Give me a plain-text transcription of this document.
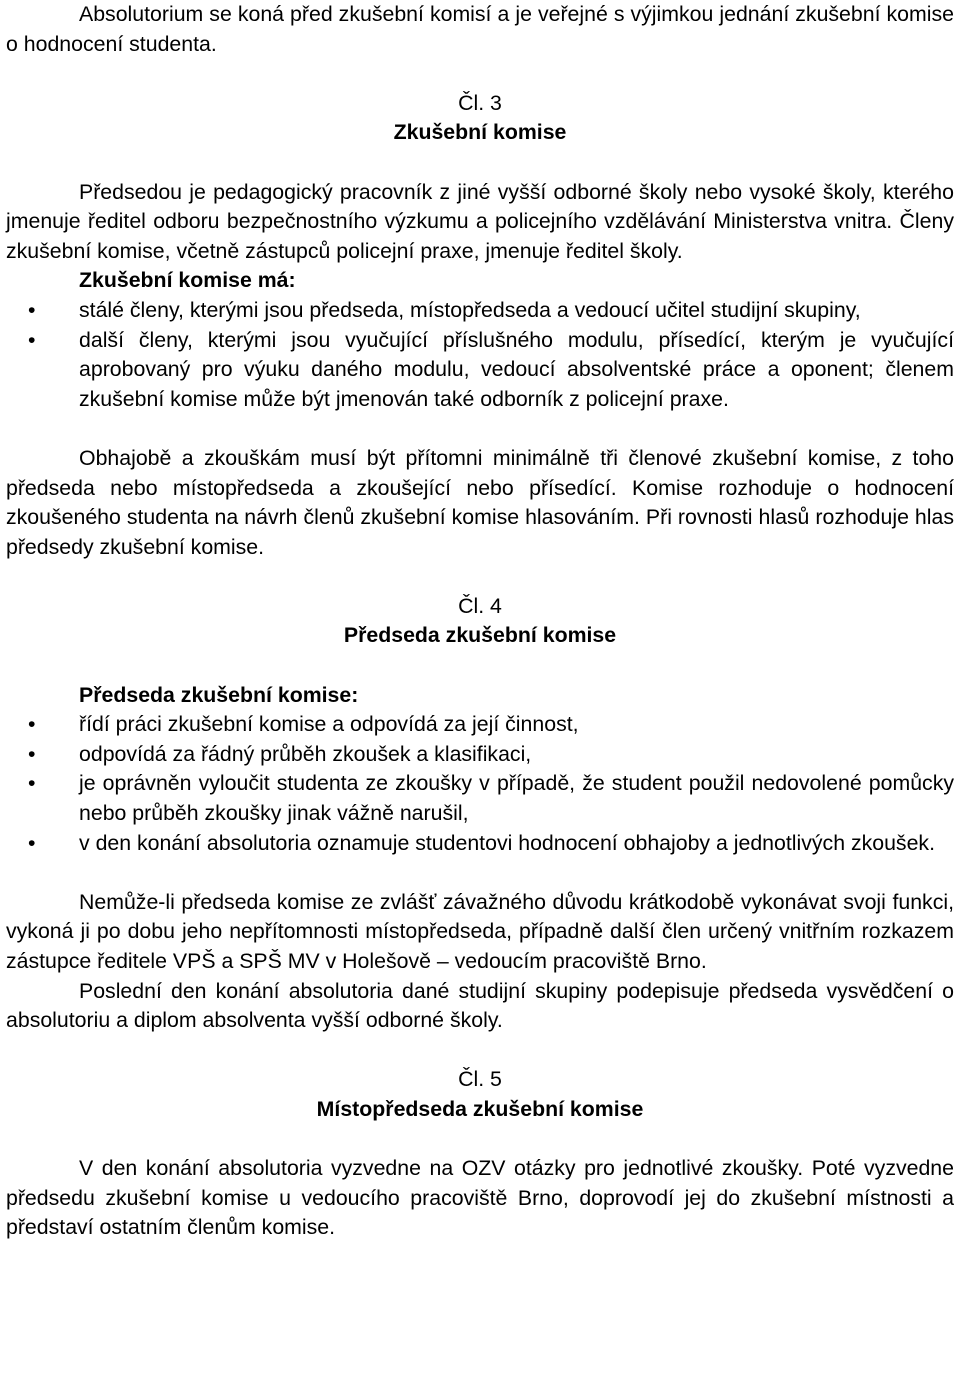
Absolutorium se koná před zkušební komisí a je veřejné s výjimkou jednání zkušební komise o hodnocení studenta.

Čl. 3

Zkušební komise

Předsedou je pedagogický pracovník z jiné vyšší odborné školy nebo vysoké školy, kterého jmenuje ředitel odboru bezpečnostního výzkumu a policejního vzdělávání Ministerstva vnitra. Členy zkušební komise, včetně zástupců policejní praxe, jmenuje ředitel školy.

Zkušební komise má:

• stálé členy, kterými jsou předseda, místopředseda a vedoucí učitel studijní skupiny,
• další členy, kterými jsou vyučující příslušného modulu, přísedící, kterým je vyučující aprobovaný pro výuku daného modulu, vedoucí absolventské práce a oponent; členem zkušební komise může být jmenován také odborník z policejní praxe.

Obhajobě a zkouškám musí být přítomni minimálně tři členové zkušební komise, z toho předseda nebo místopředseda a zkoušející nebo přísedící. Komise rozhoduje o hodnocení zkoušeného studenta na návrh členů zkušební komise hlasováním. Při rovnosti hlasů rozhoduje hlas předsedy zkušební komise.

Čl. 4

Předseda zkušební komise

Předseda zkušební komise:

• řídí práci zkušební komise a odpovídá za její činnost,
• odpovídá za řádný průběh zkoušek a klasifikaci,
• je oprávněn vyloučit studenta ze zkoušky v případě, že student použil nedovolené pomůcky nebo průběh zkoušky jinak vážně narušil,
• v den konání absolutoria oznamuje studentovi hodnocení obhajoby a jednotlivých zkoušek.

Nemůže-li předseda komise ze zvlášť závažného důvodu krátkodobě vykonávat svoji funkci, vykoná ji po dobu jeho nepřítomnosti místopředseda, případně další člen určený vnitřním rozkazem zástupce ředitele VPŠ a SPŠ MV v Holešově – vedoucím pracoviště Brno.

Poslední den konání absolutoria dané studijní skupiny podepisuje předseda vysvědčení o absolutoriu a diplom absolventa vyšší odborné školy.

Čl. 5

Místopředseda zkušební komise

V den konání absolutoria vyzvedne na OZV otázky pro jednotlivé zkoušky. Poté vyzvedne předsedu zkušební komise u vedoucího pracoviště Brno, doprovodí jej do zkušební místnosti a představí ostatním členům komise.
